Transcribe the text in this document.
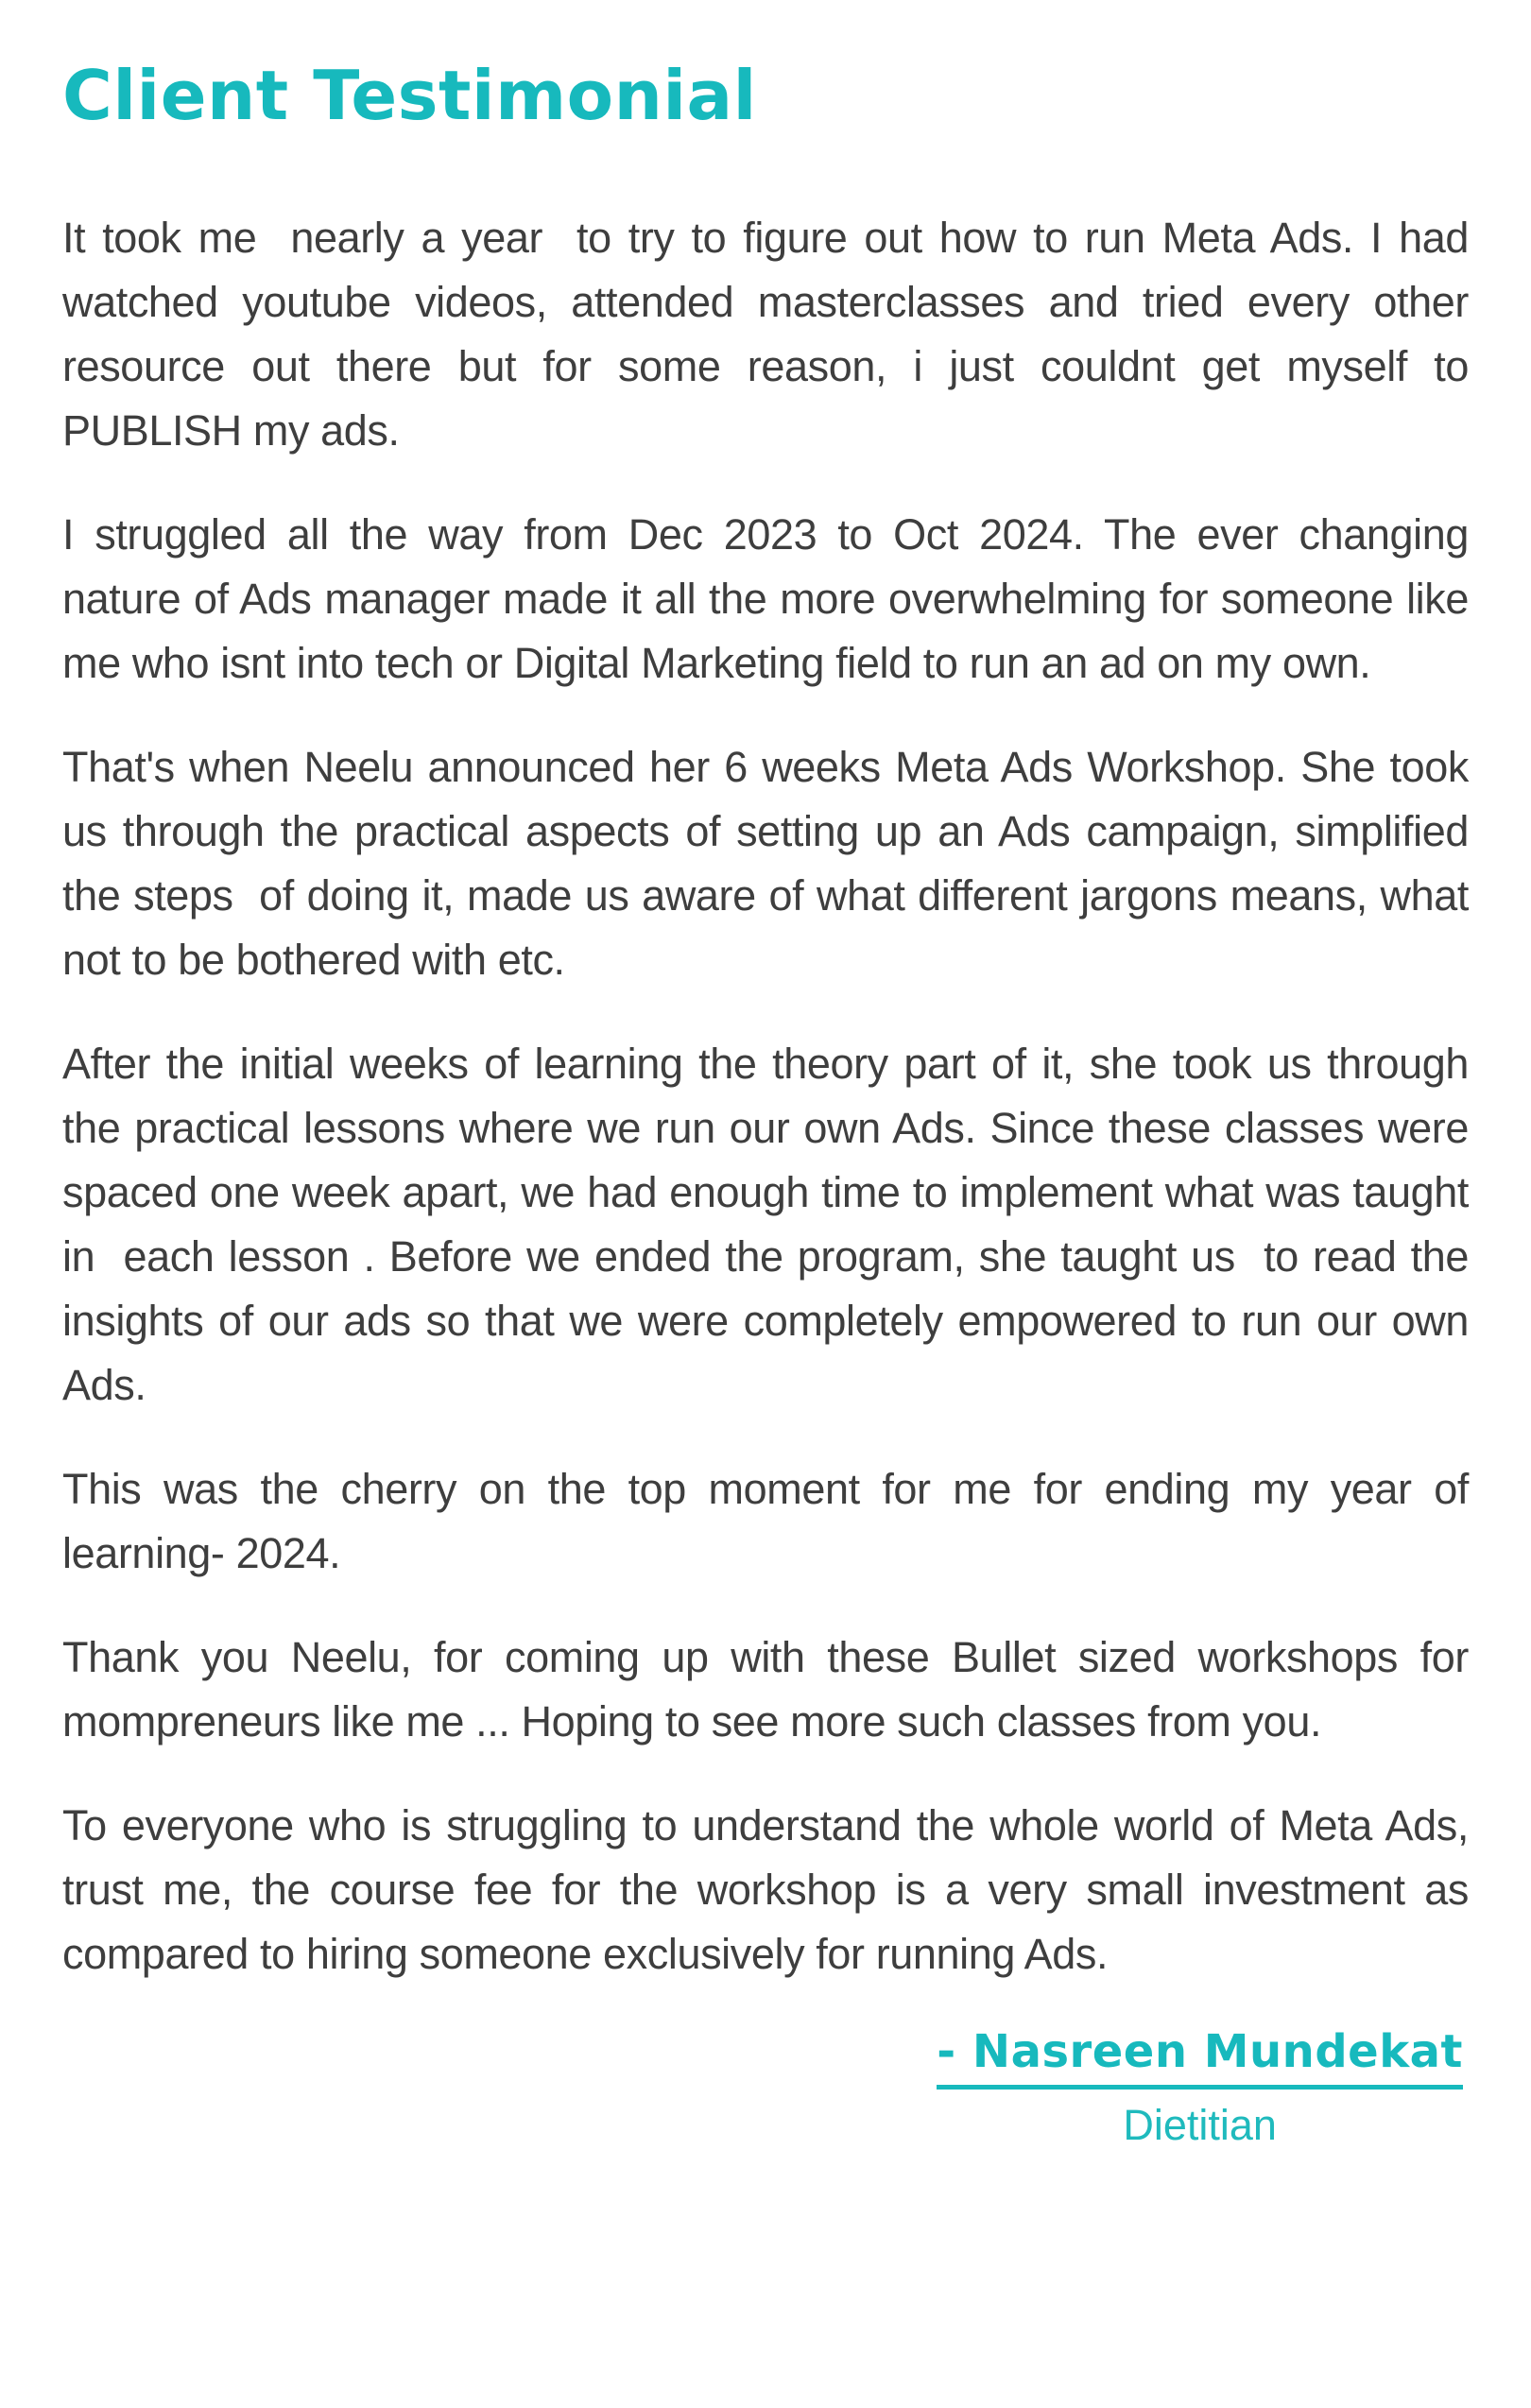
Client Testimonial

It took me  nearly a year  to try to figure out how to run Meta Ads. I had watched youtube videos, attended masterclasses and tried every other resource out there but for some reason, i just couldnt get myself to PUBLISH my ads.

I struggled all the way from Dec 2023 to Oct 2024. The ever changing nature of Ads manager made it all the more overwhelming for someone like me who isnt into tech or Digital Marketing field to run an ad on my own.

That's when Neelu announced her 6 weeks Meta Ads Workshop. She took us through the practical aspects of setting up an Ads campaign, simplified the steps  of doing it, made us aware of what different jargons means, what not to be bothered with etc.

After the initial weeks of learning the theory part of it, she took us through the practical lessons where we run our own Ads. Since these classes were spaced one week apart, we had enough time to implement what was taught in  each lesson . Before we ended the program, she taught us  to read the insights of our ads so that we were completely empowered to run our own Ads.

This was the cherry on the top moment for me for ending my year of learning- 2024.

Thank you Neelu, for coming up with these Bullet sized workshops for mompreneurs like me ... Hoping to see more such classes from you.

To everyone who is struggling to understand the whole world of Meta Ads, trust me, the course fee for the workshop is a very small investment as compared to hiring someone exclusively for running Ads.

- Nasreen Mundekat
Dietitian
